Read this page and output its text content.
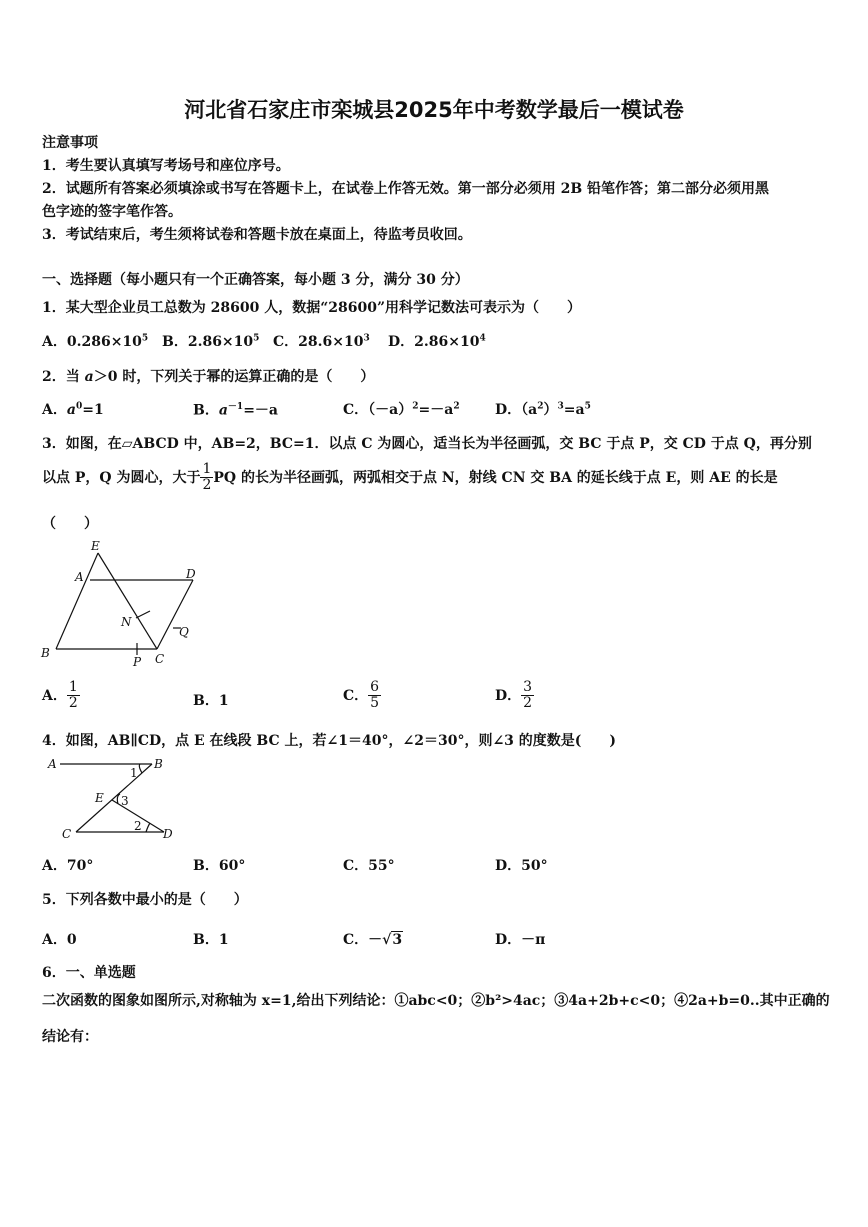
河北省石家庄市栾城县2025年中考数学最后一模试卷
注意事项
1．考生要认真填写考场号和座位序号。
2．试题所有答案必须填涂或书写在答题卡上，在试卷上作答无效。第一部分必须用 2B 铅笔作答；第二部分必须用黑
色字迹的签字笔作答。
3．考试结束后，考生须将试卷和答题卡放在桌面上，待监考员收回。
一、选择题（每小题只有一个正确答案，每小题 3 分，满分 30 分）
1．某大型企业员工总数为 28600 人，数据“28600”用科学记数法可表示为（　　）
A．$0.286\times 10^5$ B．$2.86\times 10^5$ C．$28.6\times 10^3$ D．$2.86\times 10^4$
2．当 a＞0 时，下列关于幂的运算正确的是（　　）
A．$a^0=1$	B．$a^{-1}=-a$	C．$(-a)^2=-a^2$	D．$(a^2)^3=a^5$
3．如图，在▱ABCD 中，AB=2，BC=1．以点 C 为圆心，适当长为半径画弧，交 BC 于点 P，交 CD 于点 Q，再分别
以点 P，Q 为圆心，大于 $\frac{1}{2}$ PQ 的长为半径画弧，两弧相交于点 N，射线 CN 交 BA 的延长线于点 E，则 AE 的长是
（　　）
E
A	D
N
Q
B
P C
A． $\frac{1}{2}$	B．1	C． $\frac{6}{5}$	D． $\frac{3}{2}$
4．如图，AB∥CD，点 E 在线段 BC 上，若∠1＝40°，∠2＝30°，则∠3 的度数是(　　)
A	B
E
C	D
1
2
3
A．70°	B．60°	C．55°	D．50°
5．下列各数中最小的是（　　）
A．0	B．1	C．－√3	D．－π
6．一、单选题
二次函数的图象如图所示,对称轴为 x=1,给出下列结论：①abc<0；②b²>4ac；③4a+2b+c<0；④2a+b=0..其中正确的
结论有：
